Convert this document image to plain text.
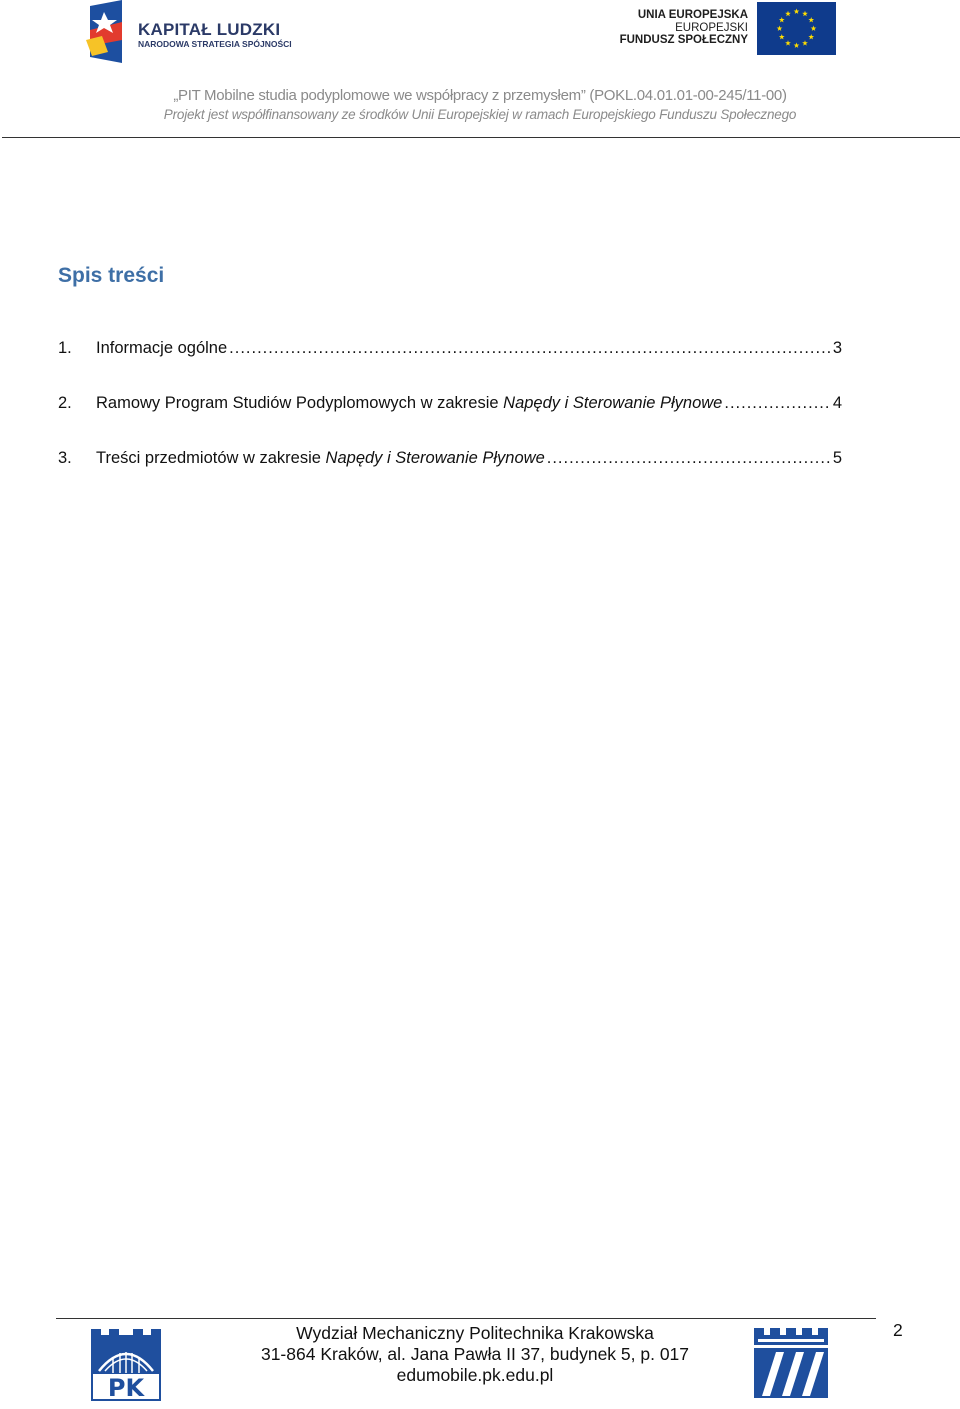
KAPITAŁ LUDZKI
NARODOWA STRATEGIA SPÓJNOŚCI
UNIA EUROPEJSKA
EUROPEJSKI
FUNDUSZ SPOŁECZNY
„PIT Mobilne studia podyplomowe we współpracy z przemysłem” (POKL.04.01.01-00-245/11-00)
Projekt jest współfinansowany ze środków Unii Europejskiej w ramach Europejskiego Funduszu Społecznego
Spis treści
1.	Informacje ogólne .....	3
2.	Ramowy Program Studiów Podyplomowych w zakresie Napędy i Sterowanie Płynowe .....	4
3.	Treści przedmiotów w zakresie Napędy i Sterowanie Płynowe .....	5
PK
Wydział Mechaniczny Politechnika Krakowska
31-864 Kraków, al. Jana Pawła II 37, budynek 5, p. 017
edumobile.pk.edu.pl
2
